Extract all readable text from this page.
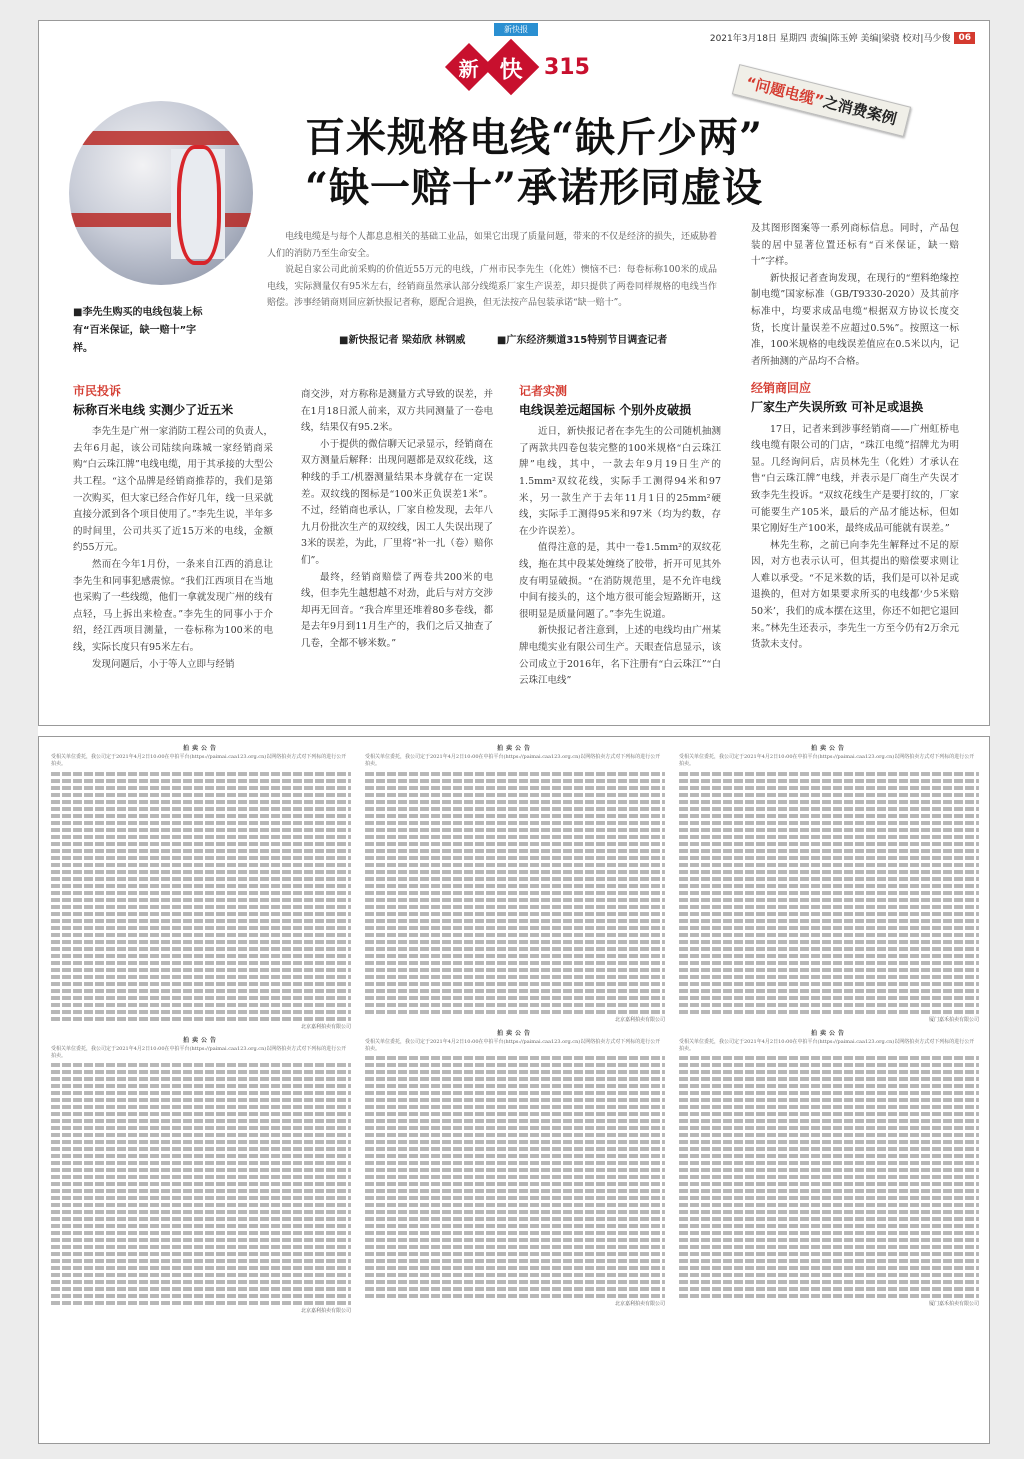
2021年3月18日 星期四 责编|陈玉婷 美编|梁骁 校对|马少俊 06
新快报
新 快 315
“问题电缆”之消费案例
■李先生购买的电线包装上标有“百米保证，缺一赔十”字样。
百米规格电线“缺斤少两”
“缺一赔十”承诺形同虚设

电线电缆是与每个人都息息相关的基础工业品，如果它出现了质量问题，带来的不仅是经济的损失，还威胁着人们的消防乃至生命安全。

说起自家公司此前采购的价值近55万元的电线，广州市民李先生（化姓）懊恼不已：每卷标称100米的成品电线，实际测量仅有95米左右，经销商虽然承认部分线缆系厂家生产误差，却只提供了两卷同样规格的电线当作赔偿。涉事经销商则回应新快报记者称，愿配合退换，但无法按产品包装承诺“缺一赔十”。

■新快报记者 梁茹欣 林钢威	■广东经济频道315特别节目调查记者
市民投诉
标称百米电线 实测少了近五米

李先生是广州一家消防工程公司的负责人，去年6月起，该公司陆续向珠城一家经销商采购“白云珠江牌”电线电缆，用于其承接的大型公共工程。“这个品牌是经销商推荐的，我们是第一次购买，但大家已经合作好几年，线一旦采就直接分派到各个项目使用了。”李先生说，半年多的时间里，公司共买了近15万米的电线，金额约55万元。

然而在今年1月份，一条来自江西的消息让李先生和同事犯感震惊。“我们江西项目在当地也采购了一些线缆，他们一拿就发现广州的线有点轻，马上拆出来检查。”李先生的同事小于介绍，经江西项目测量，一卷标称为100米的电线，实际长度只有95米左右。

发现问题后，小于等人立即与经销

商交涉，对方称称是测量方式导致的误差，并在1月18日派人前来，双方共同测量了一卷电线，结果仅有95.2米。

小于提供的微信聊天记录显示，经销商在双方测量后解释：出现问题都是双纹花线，这种线的手工/机器测量结果本身就存在一定误差。双纹线的图标是“100米正负误差1米”。不过，经销商也承认，厂家自检发现，去年八九月份批次生产的双绞线，因工人失误出现了3米的误差，为此，厂里将“补一扎（卷）赔你们”。

最终，经销商赔偿了两卷共200米的电线，但李先生越想越不对劲，此后与对方交涉却再无回音。“我合库里还堆着80多卷线，都是去年9月到11月生产的，我们之后又抽查了几卷，全都不够米数。”

记者实测
电线误差远超国标 个别外皮破损

近日，新快报记者在李先生的公司随机抽测了两款共四卷包装完整的100米规格“白云珠江牌”电线，其中，一款去年9月19日生产的1.5mm²双纹花线，实际手工测得94米和97米，另一款生产于去年11月1日的25mm²硬线，实际手工测得95米和97米（均为约数，存在少许误差）。

值得注意的是，其中一卷1.5mm²的双纹花线，拖在其中段某处缠绕了胶带，折开可见其外皮有明显破损。“在消防规范里，是不允许电线中间有接头的，这个地方很可能会短路断开，这很明显是质量问题了。”李先生说道。

新快报记者注意到，上述的电线均由广州某牌电缆实业有限公司生产。天眼查信息显示，该公司成立于2016年，名下注册有“白云珠江”“白云珠江电线”

及其图形图案等一系列商标信息。同时，产品包装的居中显著位置还标有“百米保证，缺一赔十”字样。

新快报记者查询发现，在现行的“塑料绝缘控制电缆”国家标准（GB/T9330-2020）及其前序标准中，均要求成品电缆“根据双方协议长度交货，长度计量误差不应超过0.5%”。按照这一标准，100米规格的电线误差值应在0.5米以内，记者所抽测的产品均不合格。

经销商回应
厂家生产失误所致 可补足或退换

17日，记者来到涉事经销商——广州虹桥电线电缆有限公司的门店，“珠江电缆”招牌尤为明显。几经询问后，店员林先生（化姓）才承认在售“白云珠江牌”电线，并表示是厂商生产失误才致李先生投诉。“双纹花线生产是要打纹的，厂家可能要生产105米，最后的产品才能达标，但如果它刚好生产100米，最终成品可能就有误差。”

林先生称，之前已向李先生解释过不足的原因，对方也表示认可，但其提出的赔偿要求则让人难以承受。“不足米数的话，我们是可以补足或退换的，但对方如果要求所买的电线都‘少5米赔50米’，我们的成本摆在这里，你还不如把它退回来。”林先生还表示，李先生一方至今仍有2万余元货款未支付。

拍卖公告
受相关单位委托，我公司定于2021年4月2日10:00在中拍平台(https://paimai.caa123.org.cn)以网络拍卖方式对下列标的进行公开拍卖。
北京嘉利拍卖有限公司
拍卖公告
受相关单位委托，我公司定于2021年4月2日10:00在中拍平台(https://paimai.caa123.org.cn)以网络拍卖方式对下列标的进行公开拍卖。
北京嘉利拍卖有限公司
拍卖公告
受相关单位委托，我公司定于2021年4月2日10:00在中拍平台(https://paimai.caa123.org.cn)以网络拍卖方式对下列标的进行公开拍卖。
北京嘉利拍卖有限公司
拍卖公告
受相关单位委托，我公司定于2021年4月2日10:00在中拍平台(https://paimai.caa123.org.cn)以网络拍卖方式对下列标的进行公开拍卖。
北京嘉利拍卖有限公司
拍卖公告
受相关单位委托，我公司定于2021年4月2日10:00在中拍平台(https://paimai.caa123.org.cn)以网络拍卖方式对下列标的进行公开拍卖。
厦门嘉禾拍卖有限公司
拍卖公告
受相关单位委托，我公司定于2021年4月2日10:00在中拍平台(https://paimai.caa123.org.cn)以网络拍卖方式对下列标的进行公开拍卖。
厦门嘉禾拍卖有限公司
